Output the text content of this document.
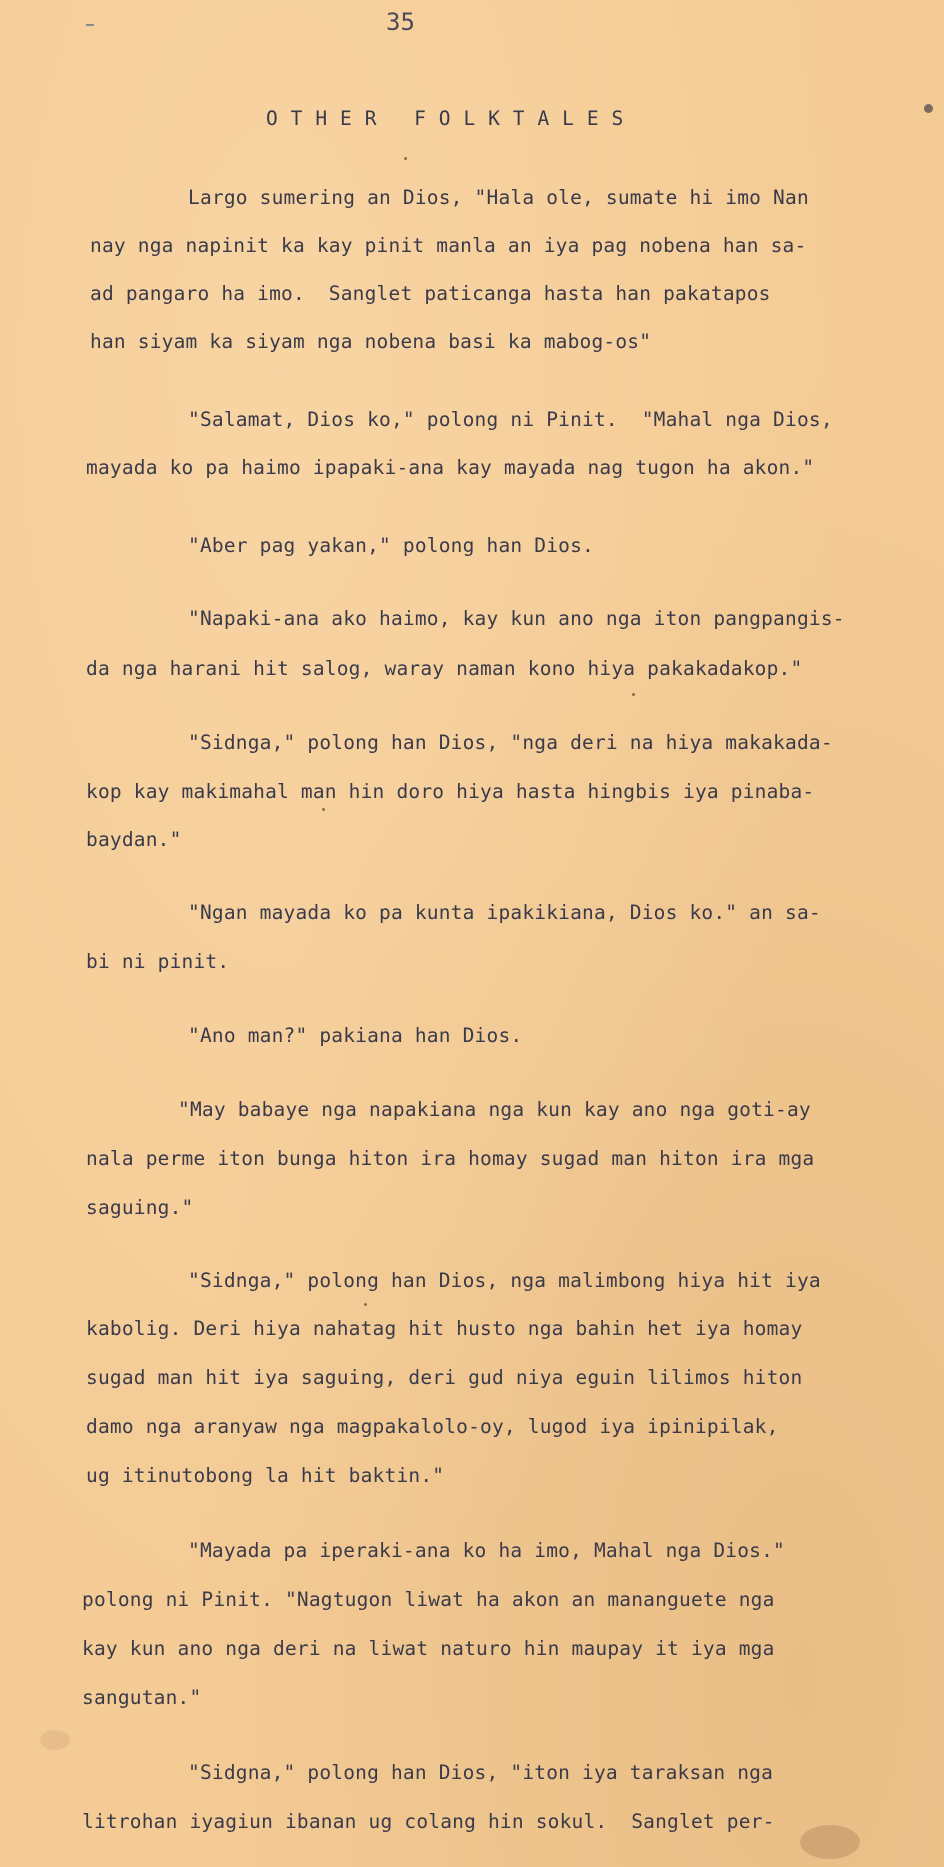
35
O T H E R   F O L K T A L E S
Largo sumering an Dios, "Hala ole, sumate hi imo Nan
nay nga napinit ka kay pinit manla an iya pag nobena han sa-
ad pangaro ha imo.  Sanglet paticanga hasta han pakatapos
han siyam ka siyam nga nobena basi ka mabog-os"
"Salamat, Dios ko," polong ni Pinit.  "Mahal nga Dios,
mayada ko pa haimo ipapaki-ana kay mayada nag tugon ha akon."
"Aber pag yakan," polong han Dios.
"Napaki-ana ako haimo, kay kun ano nga iton pangpangis-
da nga harani hit salog, waray naman kono hiya pakakadakop."
"Sidnga," polong han Dios, "nga deri na hiya makakada-
kop kay makimahal man hin doro hiya hasta hingbis iya pinaba-
baydan."
"Ngan mayada ko pa kunta ipakikiana, Dios ko." an sa-
bi ni pinit.
"Ano man?" pakiana han Dios.
"May babaye nga napakiana nga kun kay ano nga goti-ay
nala perme iton bunga hiton ira homay sugad man hiton ira mga
saguing."
"Sidnga," polong han Dios, nga malimbong hiya hit iya
kabolig. Deri hiya nahatag hit husto nga bahin het iya homay
sugad man hit iya saguing, deri gud niya eguin lilimos hiton
damo nga aranyaw nga magpakalolo-oy, lugod iya ipinipilak,
ug itinutobong la hit baktin."
"Mayada pa iperaki-ana ko ha imo, Mahal nga Dios."
polong ni Pinit. "Nagtugon liwat ha akon an mananguete nga
kay kun ano nga deri na liwat naturo hin maupay it iya mga
sangutan."
"Sidgna," polong han Dios, "iton iya taraksan nga
litrohan iyagiun ibanan ug colang hin sokul.  Sanglet per-
